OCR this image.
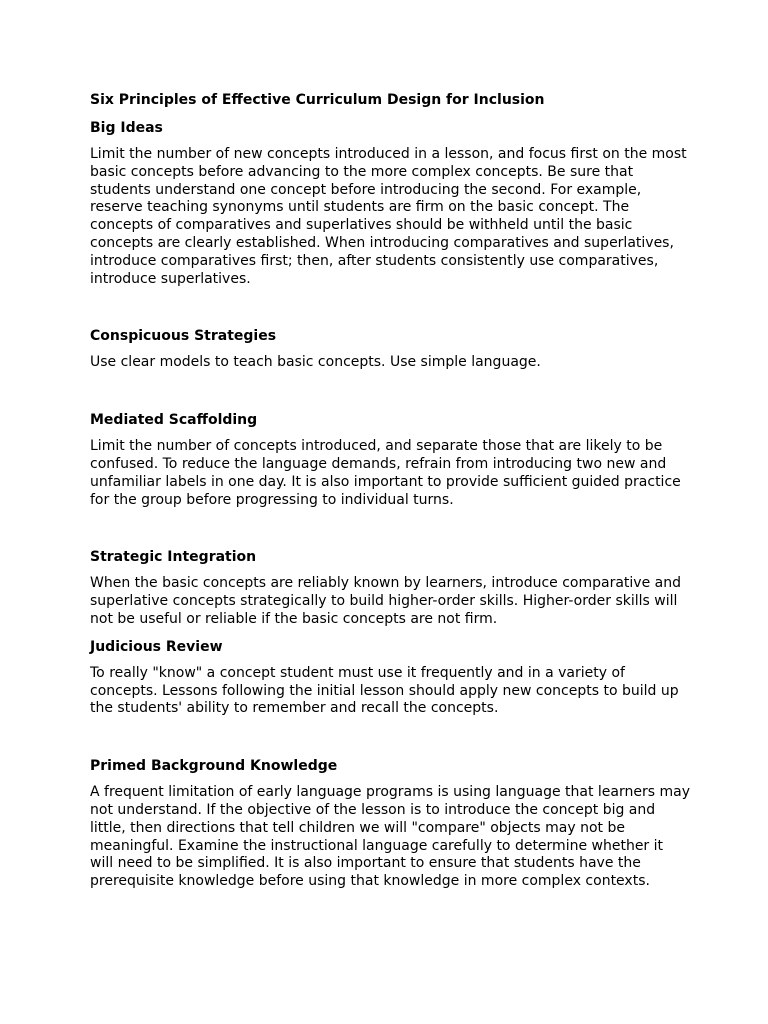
Six Principles of Effective Curriculum Design for Inclusion
Big Ideas

Limit the number of new concepts introduced in a lesson, and focus first on the most basic concepts before advancing to the more complex concepts. Be sure that students understand one concept before introducing the second. For example, reserve teaching synonyms until students are firm on the basic concept. The concepts of comparatives and superlatives should be withheld until the basic concepts are clearly established. When introducing comparatives and superlatives, introduce comparatives first; then, after students consistently use comparatives, introduce superlatives.

Conspicuous Strategies

Use clear models to teach basic concepts. Use simple language.

Mediated Scaffolding

Limit the number of concepts introduced, and separate those that are likely to be confused. To reduce the language demands, refrain from introducing two new and unfamiliar labels in one day. It is also important to provide sufficient guided practice for the group before progressing to individual turns.

Strategic Integration

When the basic concepts are reliably known by learners, introduce comparative and superlative concepts strategically to build higher-order skills. Higher-order skills will not be useful or reliable if the basic concepts are not firm.

Judicious Review

To really "know" a concept student must use it frequently and in a variety of concepts. Lessons following the initial lesson should apply new concepts to build up the students' ability to remember and recall the concepts.

Primed Background Knowledge

A frequent limitation of early language programs is using language that learners may not understand. If the objective of the lesson is to introduce the concept big and little, then directions that tell children we will "compare" objects may not be meaningful. Examine the instructional language carefully to determine whether it will need to be simplified. It is also important to ensure that students have the prerequisite knowledge before using that knowledge in more complex contexts.
